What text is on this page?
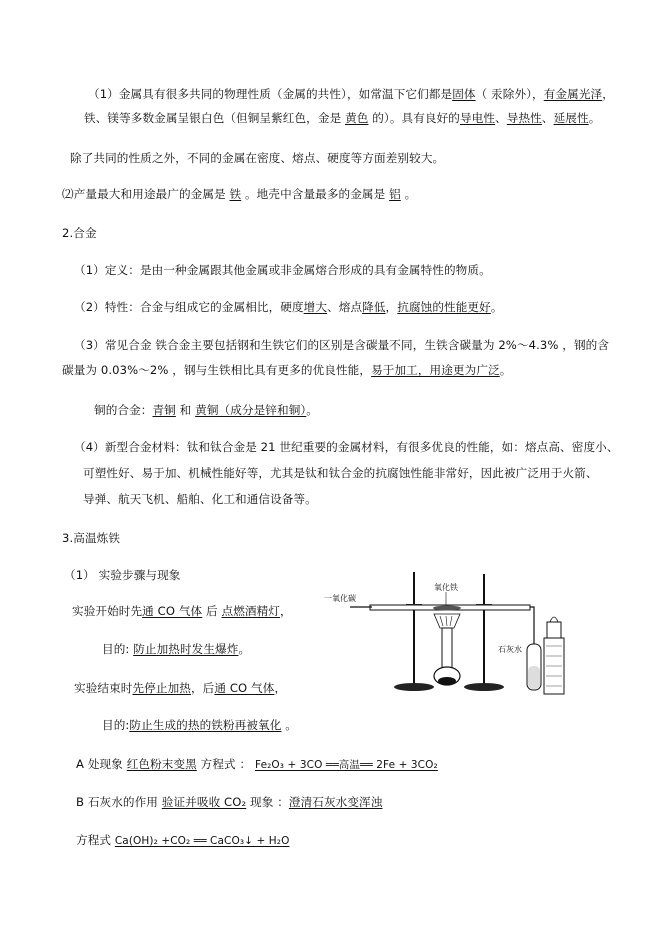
（1）金属具有很多共同的物理性质（金属的共性），如常温下它们都是固体（ 汞除外），有金属光泽，
铁、镁等多数金属呈银白色（但铜呈紫红色，金是 黄色 的）。具有良好的导电性、导热性、延展性。
除了共同的性质之外，不同的金属在密度、熔点、硬度等方面差别较大。
⑵产量最大和用途最广的金属是 铁 。地壳中含量最多的金属是 铝 。
2.合金
（1）定义：是由一种金属跟其他金属或非金属熔合形成的具有金属特性的物质。
（2）特性：合金与组成它的金属相比，硬度增大、熔点降低，抗腐蚀的性能更好。
（3）常见合金 铁合金主要包括钢和生铁它们的区别是含碳量不同，生铁含碳量为 2%～4.3% ，钢的含
碳量为 0.03%～2% ，钢与生铁相比具有更多的优良性能，易于加工，用途更为广泛。
铜的合金：青铜 和 黄铜（成分是锌和铜）。
（4）新型合金材料：钛和钛合金是 21 世纪重要的金属材料，有很多优良的性能，如：熔点高、密度小、
可塑性好、易于加、机械性能好等，尤其是钛和钛合金的抗腐蚀性能非常好，因此被广泛用于火箭、
导弹、航天飞机、船舶、化工和通信设备等。
3.高温炼铁
（1） 实验步骤与现象
实验开始时先通 CO 气体 后 点燃酒精灯，
目的: 防止加热时发生爆炸。
实验结束时先停止加热，后通 CO 气体，
目的:防止生成的热的铁粉再被氧化 。
A 处现象 红色粉末变黑 方程式 ： Fe₂O₃ + 3CO ══高温══ 2Fe + 3CO₂
B 石灰水的作用 验证并吸收 CO₂ 现象 ：澄清石灰水变浑浊
方程式 Ca(OH)₂ +CO₂ ══ CaCO₃↓ + H₂O
一氧化碳
氧化铁
石灰水
